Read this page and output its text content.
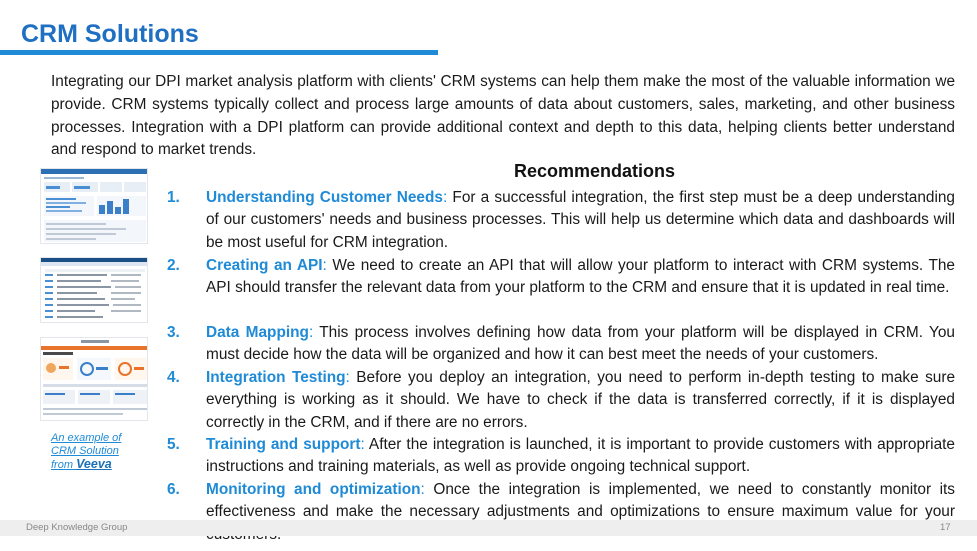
CRM Solutions
Integrating our DPI market analysis platform with clients' CRM systems can help them make the most of the valuable information we provide. CRM systems typically collect and process large amounts of data about customers, sales, marketing, and other business processes. Integration with a DPI platform can provide additional context and depth to this data, helping clients better understand and respond to market trends.
Recommendations
1. Understanding Customer Needs: For a successful integration, the first step must be a deep understanding of our customers' needs and business processes. This will help us determine which data and dashboards will be most useful for CRM integration.
2. Creating an API: We need to create an API that will allow your platform to interact with CRM systems. The API should transfer the relevant data from your platform to the CRM and ensure that it is updated in real time.
3. Data Mapping: This process involves defining how data from your platform will be displayed in CRM. You must decide how the data will be organized and how it can best meet the needs of your customers.
4. Integration Testing: Before you deploy an integration, you need to perform in-depth testing to make sure everything is working as it should. We have to check if the data is transferred correctly, if it is displayed correctly in the CRM, and if there are no errors.
5. Training and support: After the integration is launched, it is important to provide customers with appropriate instructions and training materials, as well as provide ongoing technical support.
6. Monitoring and optimization: Once the integration is implemented, we need to constantly monitor its effectiveness and make the necessary adjustments and optimizations to ensure maximum value for your
An example of
CRM Solution
from Veeva
Deep Knowledge Group	17
